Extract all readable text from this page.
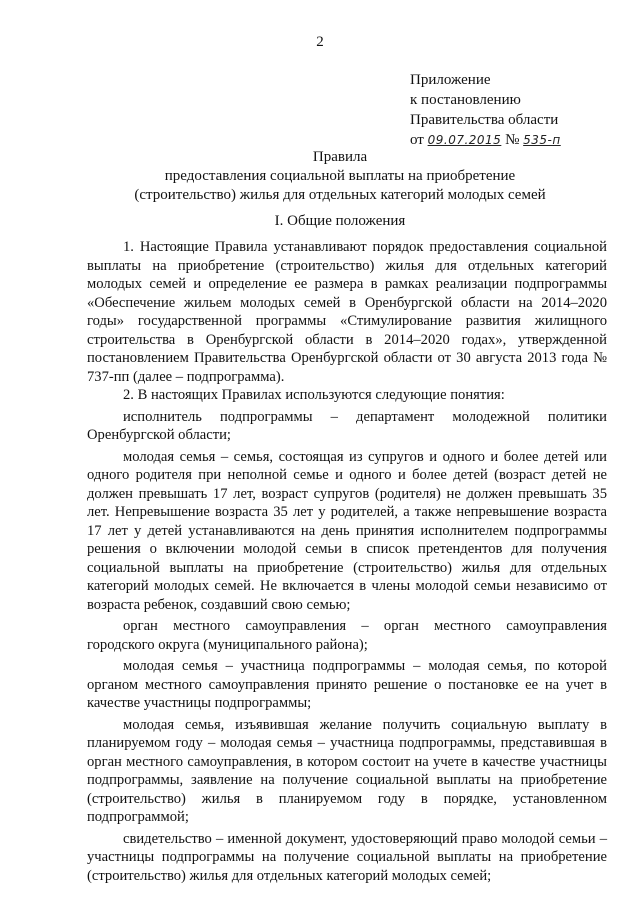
2
Приложение
к постановлению
Правительства области
от 09.07.2015 № 535-п
Правила
предоставления социальной выплаты на приобретение
(строительство) жилья для отдельных категорий молодых семей
I. Общие положения

1. Настоящие Правила устанавливают порядок предоставления социальной выплаты на приобретение (строительство) жилья для отдельных категорий молодых семей и определение ее размера в рамках реализации подпрограммы «Обеспечение жильем молодых семей в Оренбургской области на 2014–2020 годы» государственной программы «Стимулирование развития жилищного строительства в Оренбургской области в 2014–2020 годах», утвержденной постановлением Правительства Оренбургской области от 30 августа 2013 года № 737-пп (далее – подпрограмма).

2. В настоящих Правилах используются следующие понятия:

исполнитель подпрограммы – департамент молодежной политики Оренбургской области;

молодая семья – семья, состоящая из супругов и одного и более детей или одного родителя при неполной семье и одного и более детей (возраст детей не должен превышать 17 лет, возраст супругов (родителя) не должен превышать 35 лет. Непревышение возраста 35 лет у родителей, а также непревышение возраста 17 лет у детей устанавливаются на день принятия исполнителем подпрограммы решения о включении молодой семьи в список претендентов для получения социальной выплаты на приобретение (строительство) жилья для отдельных категорий молодых семей. Не включается в члены молодой семьи независимо от возраста ребенок, создавший свою семью;

орган местного самоуправления – орган местного самоуправления городского округа (муниципального района);

молодая семья – участница подпрограммы – молодая семья, по которой органом местного самоуправления принято решение о постановке ее на учет в качестве участницы подпрограммы;

молодая семья, изъявившая желание получить социальную выплату в планируемом году – молодая семья – участница подпрограммы, представившая в орган местного самоуправления, в котором состоит на учете в качестве участницы подпрограммы, заявление на получение социальной выплаты на приобретение (строительство) жилья в планируемом году в порядке, установленном подпрограммой;

свидетельство – именной документ, удостоверяющий право молодой семьи – участницы подпрограммы на получение социальной выплаты на приобретение (строительство) жилья для отдельных категорий молодых семей;
